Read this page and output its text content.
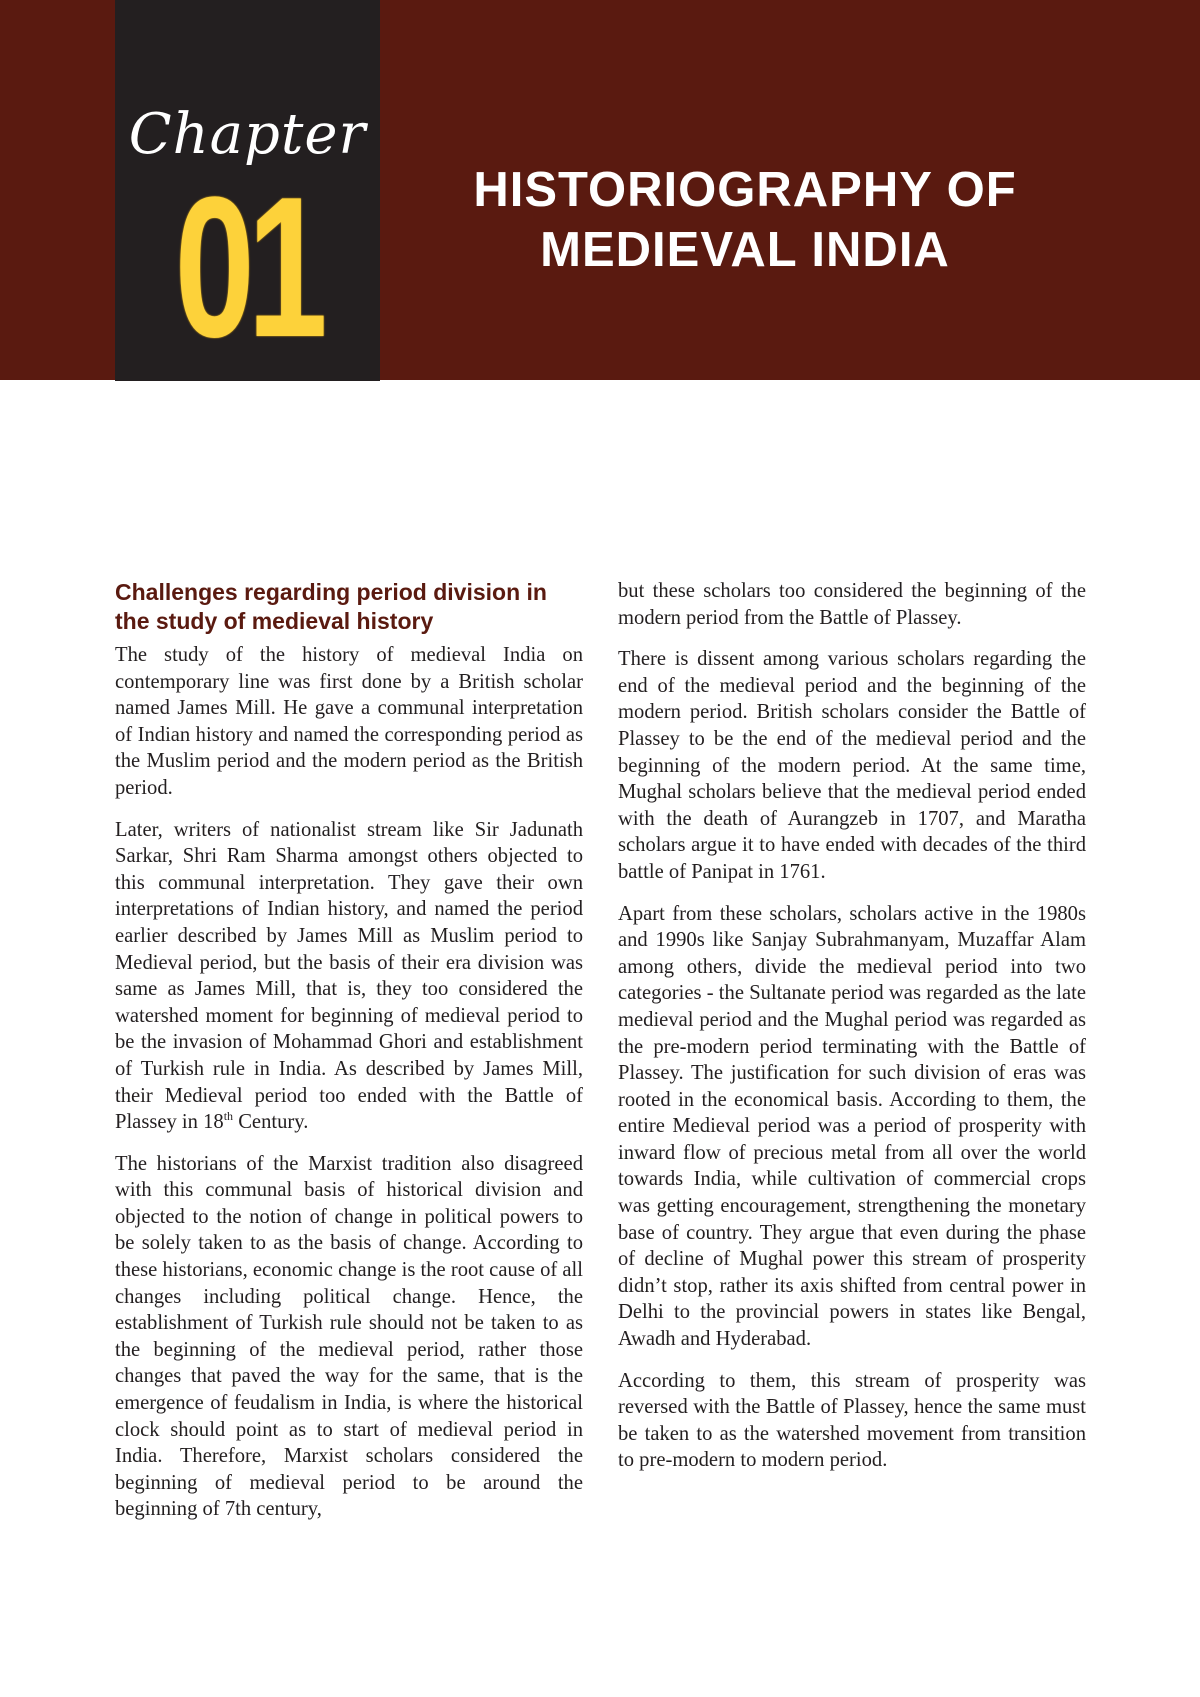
Chapter
01	HISTORIOGRAPHY OF
MEDIEVAL INDIA
Challenges regarding period division in the study of medieval history

The study of the history of medieval India on contemporary line was first done by a British scholar named James Mill. He gave a communal interpretation of Indian history and named the corresponding period as the Muslim period and the modern period as the British period.

Later, writers of nationalist stream like Sir Jadunath Sarkar, Shri Ram Sharma amongst others objected to this communal interpretation. They gave their own interpretations of Indian history, and named the period earlier described by James Mill as Muslim period to Medieval period, but the basis of their era division was same as James Mill, that is, they too considered the watershed moment for beginning of medieval period to be the invasion of Mohammad Ghori and establishment of Turkish rule in India. As described by James Mill, their Medieval period too ended with the Battle of Plassey in 18th Century.

The historians of the Marxist tradition also disagreed with this communal basis of historical division and objected to the notion of change in political powers to be solely taken to as the basis of change. According to these historians, economic change is the root cause of all changes including political change. Hence, the establishment of Turkish rule should not be taken to as the beginning of the medieval period, rather those changes that paved the way for the same, that is the emergence of feudalism in India, is where the historical clock should point as to start of medieval period in India. Therefore, Marxist scholars considered the beginning of medieval period to be around the beginning of 7th century,

but these scholars too considered the beginning of the modern period from the Battle of Plassey.

There is dissent among various scholars regarding the end of the medieval period and the beginning of the modern period. British scholars consider the Battle of Plassey to be the end of the medieval period and the beginning of the modern period. At the same time, Mughal scholars believe that the medieval period ended with the death of Aurangzeb in 1707, and Maratha scholars argue it to have ended with decades of the third battle of Panipat in 1761.

Apart from these scholars, scholars active in the 1980s and 1990s like Sanjay Subrahmanyam, Muzaffar Alam among others, divide the medieval period into two categories - the Sultanate period was regarded as the late medieval period and the Mughal period was regarded as the pre-modern period terminating with the Battle of Plassey. The justification for such division of eras was rooted in the economical basis. According to them, the entire Medieval period was a period of prosperity with inward flow of precious metal from all over the world towards India, while cultivation of commercial crops was getting encouragement, strengthening the monetary base of country. They argue that even during the phase of decline of Mughal power this stream of prosperity didn’t stop, rather its axis shifted from central power in Delhi to the provincial powers in states like Bengal, Awadh and Hyderabad.

According to them, this stream of prosperity was reversed with the Battle of Plassey, hence the same must be taken to as the watershed movement from transition to pre-modern to modern period.
